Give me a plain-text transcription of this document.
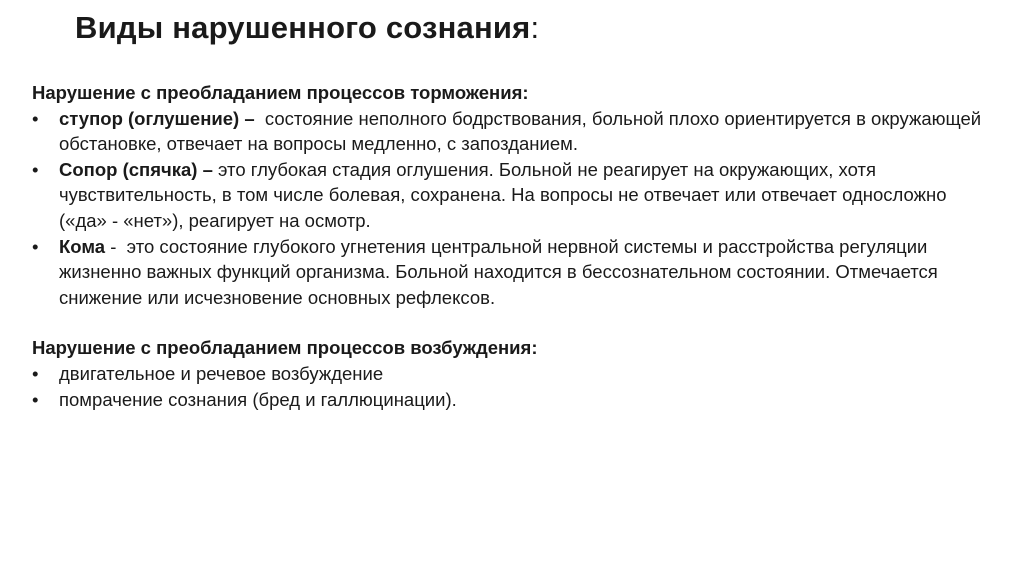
Виды нарушенного сознания:

Нарушение с преобладанием процессов торможения:

•	ступор (оглушение) –  состояние неполного бодрствования, больной плохо ориентируется в окружающей обстановке, отвечает на вопросы медленно, с запозданием.
•	Сопор (спячка) – это глубокая стадия оглушения. Больной не реагирует на окружающих, хотя чувствительность, в том числе болевая, сохранена. На вопросы не отвечает или отвечает односложно («да» - «нет»), реагирует на осмотр.
•	Кома -  это состояние глубокого угнетения центральной нервной системы и расстройства регуляции жизненно важных функций организма. Больной находится в бессознательном состоянии. Отмечается снижение или исчезновение основных рефлексов.

Нарушение с преобладанием процессов возбуждения:

•	двигательное и речевое возбуждение
•	помрачение сознания (бред и галлюцинации).
